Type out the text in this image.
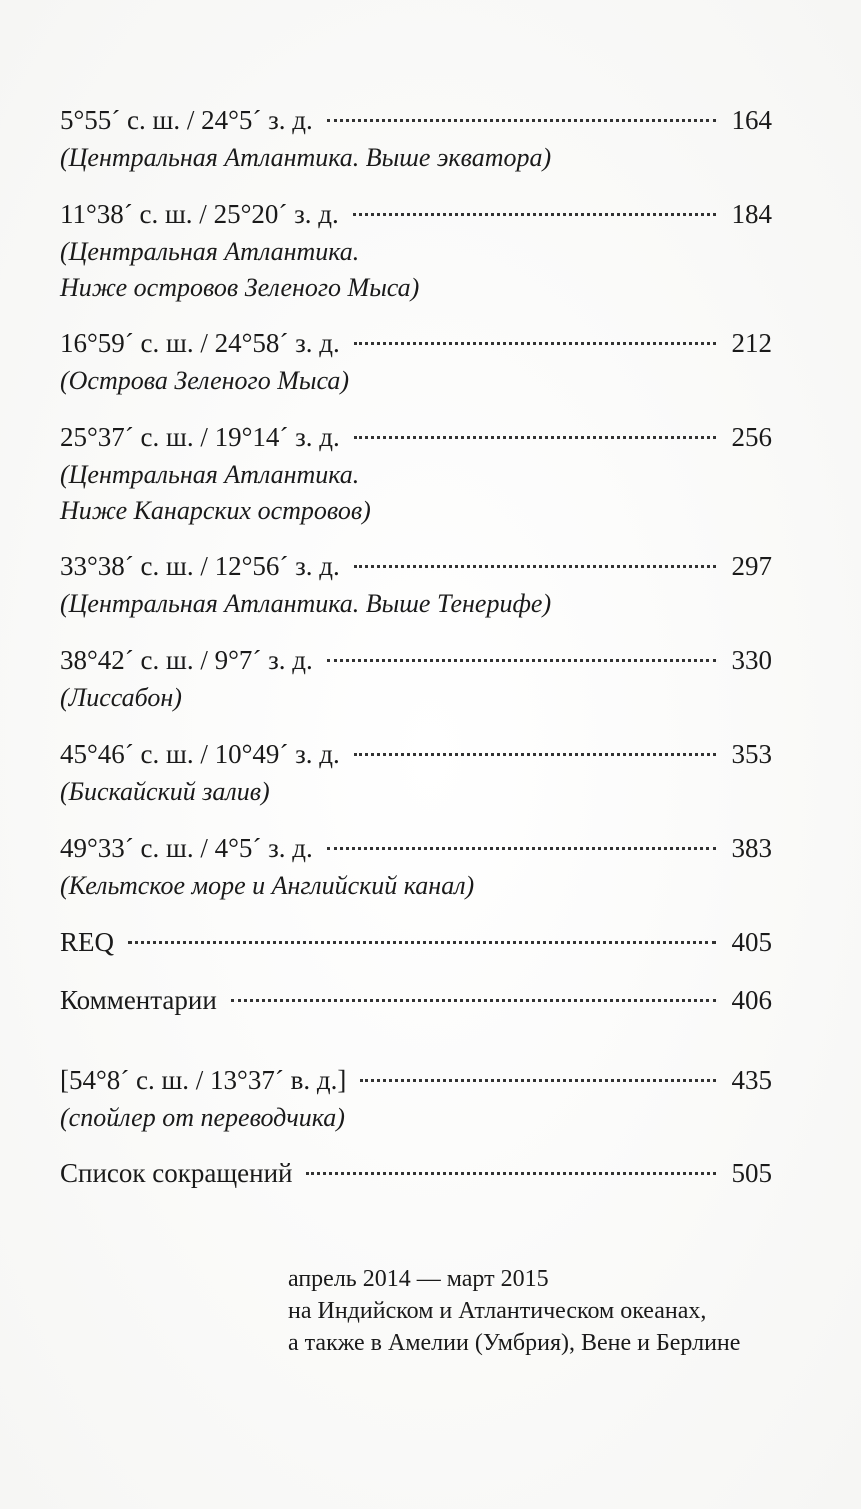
5°55´ с. ш. / 24°5´ з. д.	164
(Центральная Атлантика. Выше экватора)
11°38´ с. ш. / 25°20´ з. д.	184
(Центральная Атлантика.
Ниже островов Зеленого Мыса)
16°59´ с. ш. / 24°58´ з. д.	212
(Острова Зеленого Мыса)
25°37´ с. ш. / 19°14´ з. д.	256
(Центральная Атлантика.
Ниже Канарских островов)
33°38´ с. ш. / 12°56´ з. д.	297
(Центральная Атлантика. Выше Тенерифе)
38°42´ с. ш. / 9°7´ з. д.	330
(Лиссабон)
45°46´ с. ш. / 10°49´ з. д.	353
(Бискайский залив)
49°33´ с. ш. / 4°5´ з. д.	383
(Кельтское море и Английский канал)
REQ	405
Комментарии	406
[54°8´ с. ш. / 13°37´ в. д.]	435
(спойлер от переводчика)
Список сокращений	505
апрель 2014 — март 2015
на Индийском и Атлантическом океанах,
а также в Амелии (Умбрия), Вене и Берлине
